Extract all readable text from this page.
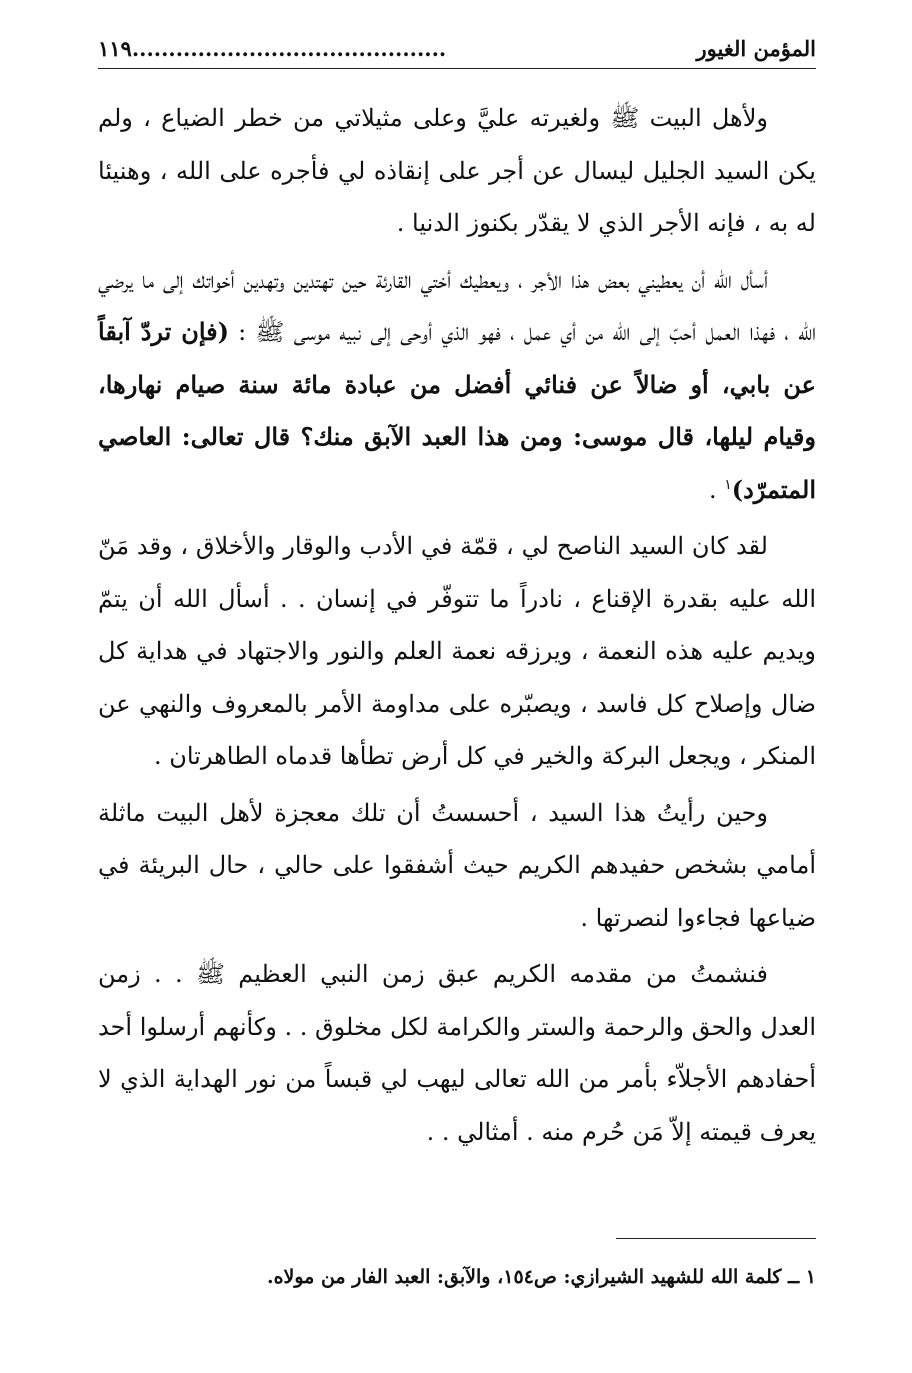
المؤمن الغيور
١١٩...........................................

ولأهل البيت ﷺ ولغيرته عليَّ وعلى مثيلاتي من خطر الضياع ، ولم يكن السيد الجليل ليسال عن أجر على إنقاذه لي فأجره على الله ، وهنيئا له به ، فإنه الأجر الذي لا يقدّر بكنوز الدنيا .

أسأل الله أن يعطيني بعض هذا الأجر ، ويعطيك أختي القارئة حين تهتدين وتهدين أخواتك إلى ما يرضي الله ، فهذا العمل أحبّ إلى الله من أي عمل ، فهو الذي أوحى إلى نبيه موسى ﷺ : (فإن تردّ آبقاً عن بابي، أو ضالاً عن فنائي أفضل من عبادة مائة سنة صيام نهارها، وقيام ليلها، قال موسى: ومن هذا العبد الآبق منك؟ قال تعالى: العاصي المتمرّد)$^١$ .

لقد كان السيد الناصح لي ، قمّة في الأدب والوقار والأخلاق ، وقد مَنّ الله عليه بقدرة الإقناع ، نادراً ما تتوفّر في إنسان . . أسأل الله أن يتمّ ويديم عليه هذه النعمة ، ويرزقه نعمة العلم والنور والاجتهاد في هداية كل ضال وإصلاح كل فاسد ، ويصبّره على مداومة الأمر بالمعروف والنهي عن المنكر ، ويجعل البركة والخير في كل أرض تطأها قدماه الطاهرتان .

وحين رأيتُ هذا السيد ، أحسستُ أن تلك معجزة لأهل البيت ماثلة أمامي بشخص حفيدهم الكريم حيث أشفقوا على حالي ، حال البريئة في ضياعها فجاءوا لنصرتها .

فنشمتُ من مقدمه الكريم عبق زمن النبي العظيم ﷺ . . زمن العدل والحق والرحمة والستر والكرامة لكل مخلوق . . وكأنهم أرسلوا أحد أحفادهم الأجلاّء بأمر من الله تعالى ليهب لي قبساً من نور الهداية الذي لا يعرف قيمته إلاّ مَن حُرم منه . أمثالي . .

١ ــ كلمة الله للشهيد الشيرازي: ص١٥٤، والآبق: العبد الفار من مولاه.
